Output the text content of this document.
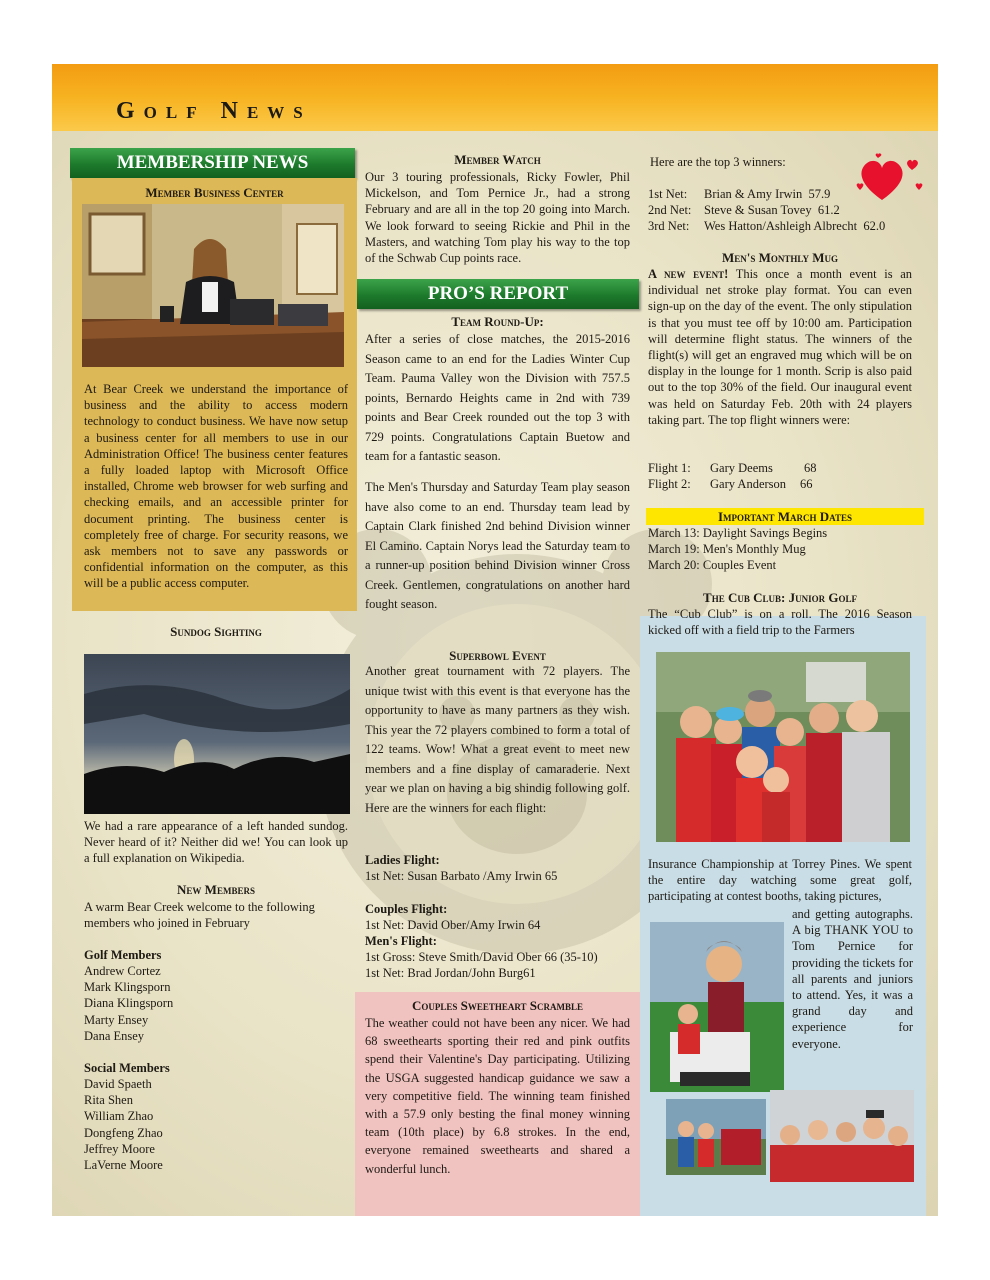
Golf News
MEMBERSHIP NEWS
Member Business Center
At Bear Creek we understand the importance of business and the ability to access modern technology to conduct business. We have now setup a business center for all members to use in our Administration Office! The business center features a fully loaded laptop with Microsoft Office installed, Chrome web browser for web surfing and checking emails, and an accessible printer for document printing. The business center is completely free of charge. For security reasons, we ask members not to save any passwords or confidential information on the computer, as this will be a public access computer.
Sundog Sighting
We had a rare appearance of a left handed sundog. Never heard of it? Neither did we! You can look up a full explanation on Wikipedia.
New Members
A warm Bear Creek welcome to the following members who joined in February
Golf Members
Andrew Cortez
Mark Klingsporn
Diana Klingsporn
Marty Ensey
Dana Ensey
Social Members
David Spaeth
Rita Shen
William Zhao
Dongfeng Zhao
Jeffrey Moore
LaVerne Moore
Member Watch
Our 3 touring professionals, Ricky Fowler, Phil Mickelson, and Tom Pernice Jr., had a strong February and are all in the top 20 going into March. We look forward to seeing Rickie and Phil in the Masters, and watching Tom play his way to the top of the Schwab Cup points race.
PRO’S REPORT
Team Round-Up:
After a series of close matches, the 2015-2016 Season came to an end for the Ladies Winter Cup Team. Pauma Valley won the Division with 757.5 points, Bernardo Heights came in 2nd with 739 points and Bear Creek rounded out the top 3 with 729 points. Congratulations Captain Buetow and team for a fantastic season.
The Men's Thursday and Saturday Team play season have also come to an end. Thursday team lead by Captain Clark finished 2nd behind Division winner El Camino. Captain Norys lead the Saturday team to a runner-up position behind Division winner Cross Creek. Gentlemen, congratulations on another hard fought season.
Superbowl Event
Another great tournament with 72 players. The unique twist with this event is that everyone has the opportunity to have as many partners as they wish. This year the 72 players combined to form a total of 122 teams. Wow! What a great event to meet new members and a fine display of camaraderie. Next year we plan on having a big shindig following golf. Here are the winners for each flight:
Ladies Flight:
1st Net: Susan Barbato /Amy Irwin 65
Couples Flight:
1st Net: David Ober/Amy Irwin 64
Men's Flight:
1st Gross: Steve Smith/David Ober 66 (35-10)
1st Net: Brad Jordan/John Burg61
Couples Sweetheart Scramble
The weather could not have been any nicer. We had 68 sweethearts sporting their red and pink outfits spend their Valentine's Day participating. Utilizing the USGA suggested handicap guidance we saw a very competitive field. The winning team finished with a 57.9 only besting the final money winning team (10th place) by 6.8 strokes. In the end, everyone remained sweethearts and shared a wonderful lunch.
Here are the top 3 winners:
1st Net: Brian & Amy Irwin 57.9
2nd Net: Steve & Susan Tovey 61.2
3rd Net: Wes Hatton/Ashleigh Albrecht 62.0
Men's Monthly Mug
A new event! This once a month event is an individual net stroke play format. You can even sign-up on the day of the event. The only stipulation is that you must tee off by 10:00 am. Participation will determine flight status. The winners of the flight(s) will get an engraved mug which will be on display in the lounge for 1 month. Scrip is also paid out to the top 30% of the field. Our inaugural event was held on Saturday Feb. 20th with 24 players taking part. The top flight winners were:
Flight 1: Gary Deems 68
Flight 2: Gary Anderson 66
Important March Dates
March 13: Daylight Savings Begins
March 19: Men's Monthly Mug
March 20: Couples Event
The Cub Club: Junior Golf
The “Cub Club” is on a roll. The 2016 Season kicked off with a field trip to the Farmers
Insurance Championship at Torrey Pines. We spent the entire day watching some great golf, participating at contest booths, taking pictures,
and getting autographs. A big THANK YOU to Tom Pernice for providing the tickets for all parents and juniors to attend. Yes, it was a grand day and experience for everyone.
